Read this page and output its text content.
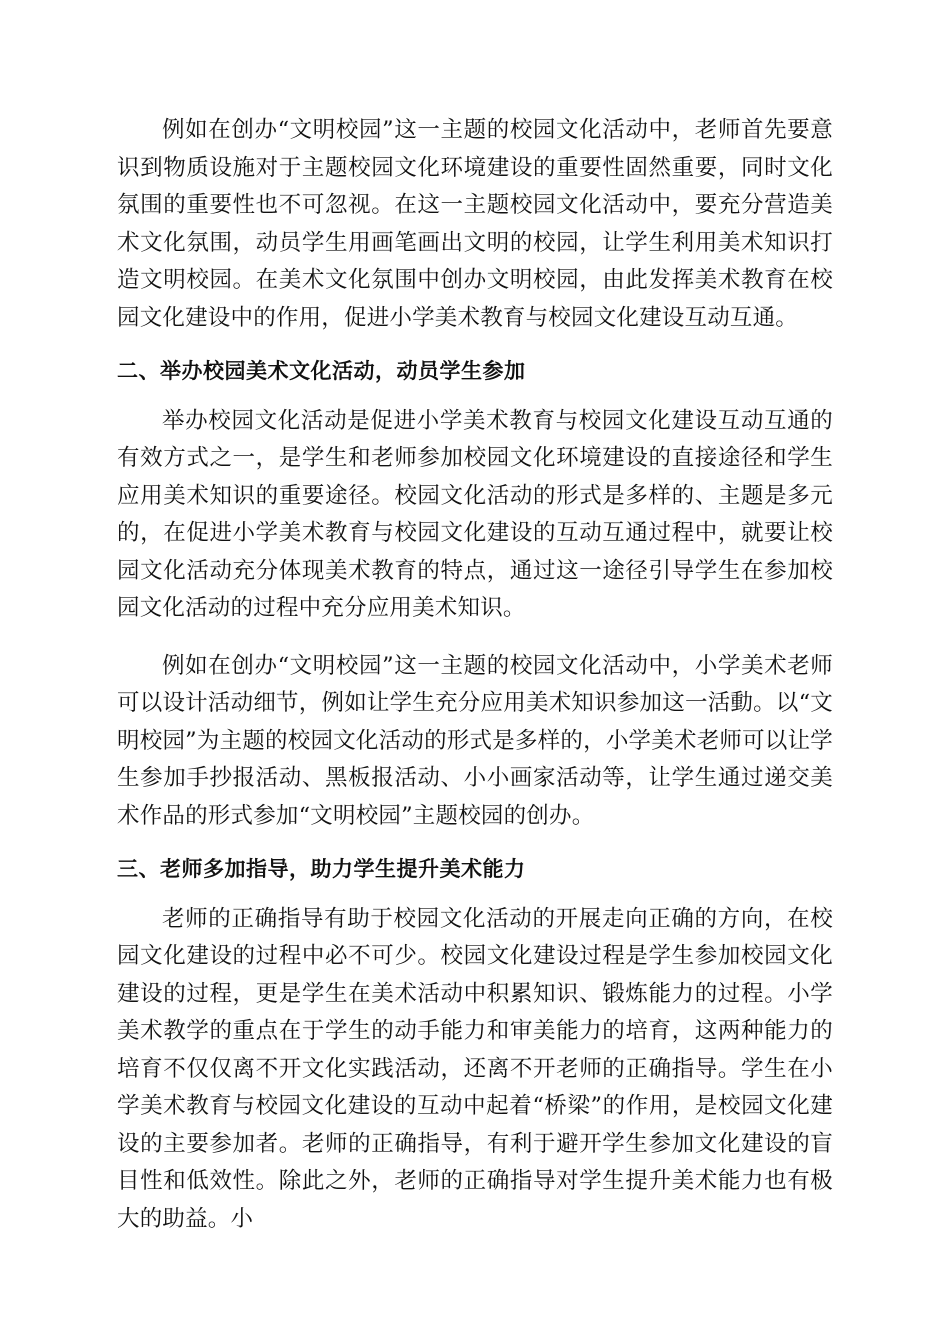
例如在创办“文明校园”这一主题的校园文化活动中，老师首先要意识到物质设施对于主题校园文化环境建设的重要性固然重要，同时文化氛围的重要性也不可忽视。在这一主题校园文化活动中，要充分营造美术文化氛围，动员学生用画笔画出文明的校园，让学生利用美术知识打造文明校园。在美术文化氛围中创办文明校园，由此发挥美术教育在校园文化建设中的作用，促进小学美术教育与校园文化建设互动互通。

二、举办校园美术文化活动，动员学生参加

举办校园文化活动是促进小学美术教育与校园文化建设互动互通的有效方式之一，是学生和老师参加校园文化环境建设的直接途径和学生应用美术知识的重要途径。校园文化活动的形式是多样的、主题是多元的，在促进小学美术教育与校园文化建设的互动互通过程中，就要让校园文化活动充分体现美术教育的特点，通过这一途径引导学生在参加校园文化活动的过程中充分应用美术知识。

例如在创办“文明校园”这一主题的校园文化活动中，小学美术老师可以设计活动细节，例如让学生充分应用美术知识参加这一活動。以“文明校园”为主题的校园文化活动的形式是多样的，小学美术老师可以让学生参加手抄报活动、黑板报活动、小小画家活动等，让学生通过递交美术作品的形式参加“文明校园”主题校园的创办。

三、老师多加指导，助力学生提升美术能力

老师的正确指导有助于校园文化活动的开展走向正确的方向，在校园文化建设的过程中必不可少。校园文化建设过程是学生参加校园文化建设的过程，更是学生在美术活动中积累知识、锻炼能力的过程。小学美术教学的重点在于学生的动手能力和审美能力的培育，这两种能力的培育不仅仅离不开文化实践活动，还离不开老师的正确指导。学生在小学美术教育与校园文化建设的互动中起着“桥梁”的作用，是校园文化建设的主要参加者。老师的正确指导，有利于避开学生参加文化建设的盲目性和低效性。除此之外，老师的正确指导对学生提升美术能力也有极大的助益。小
